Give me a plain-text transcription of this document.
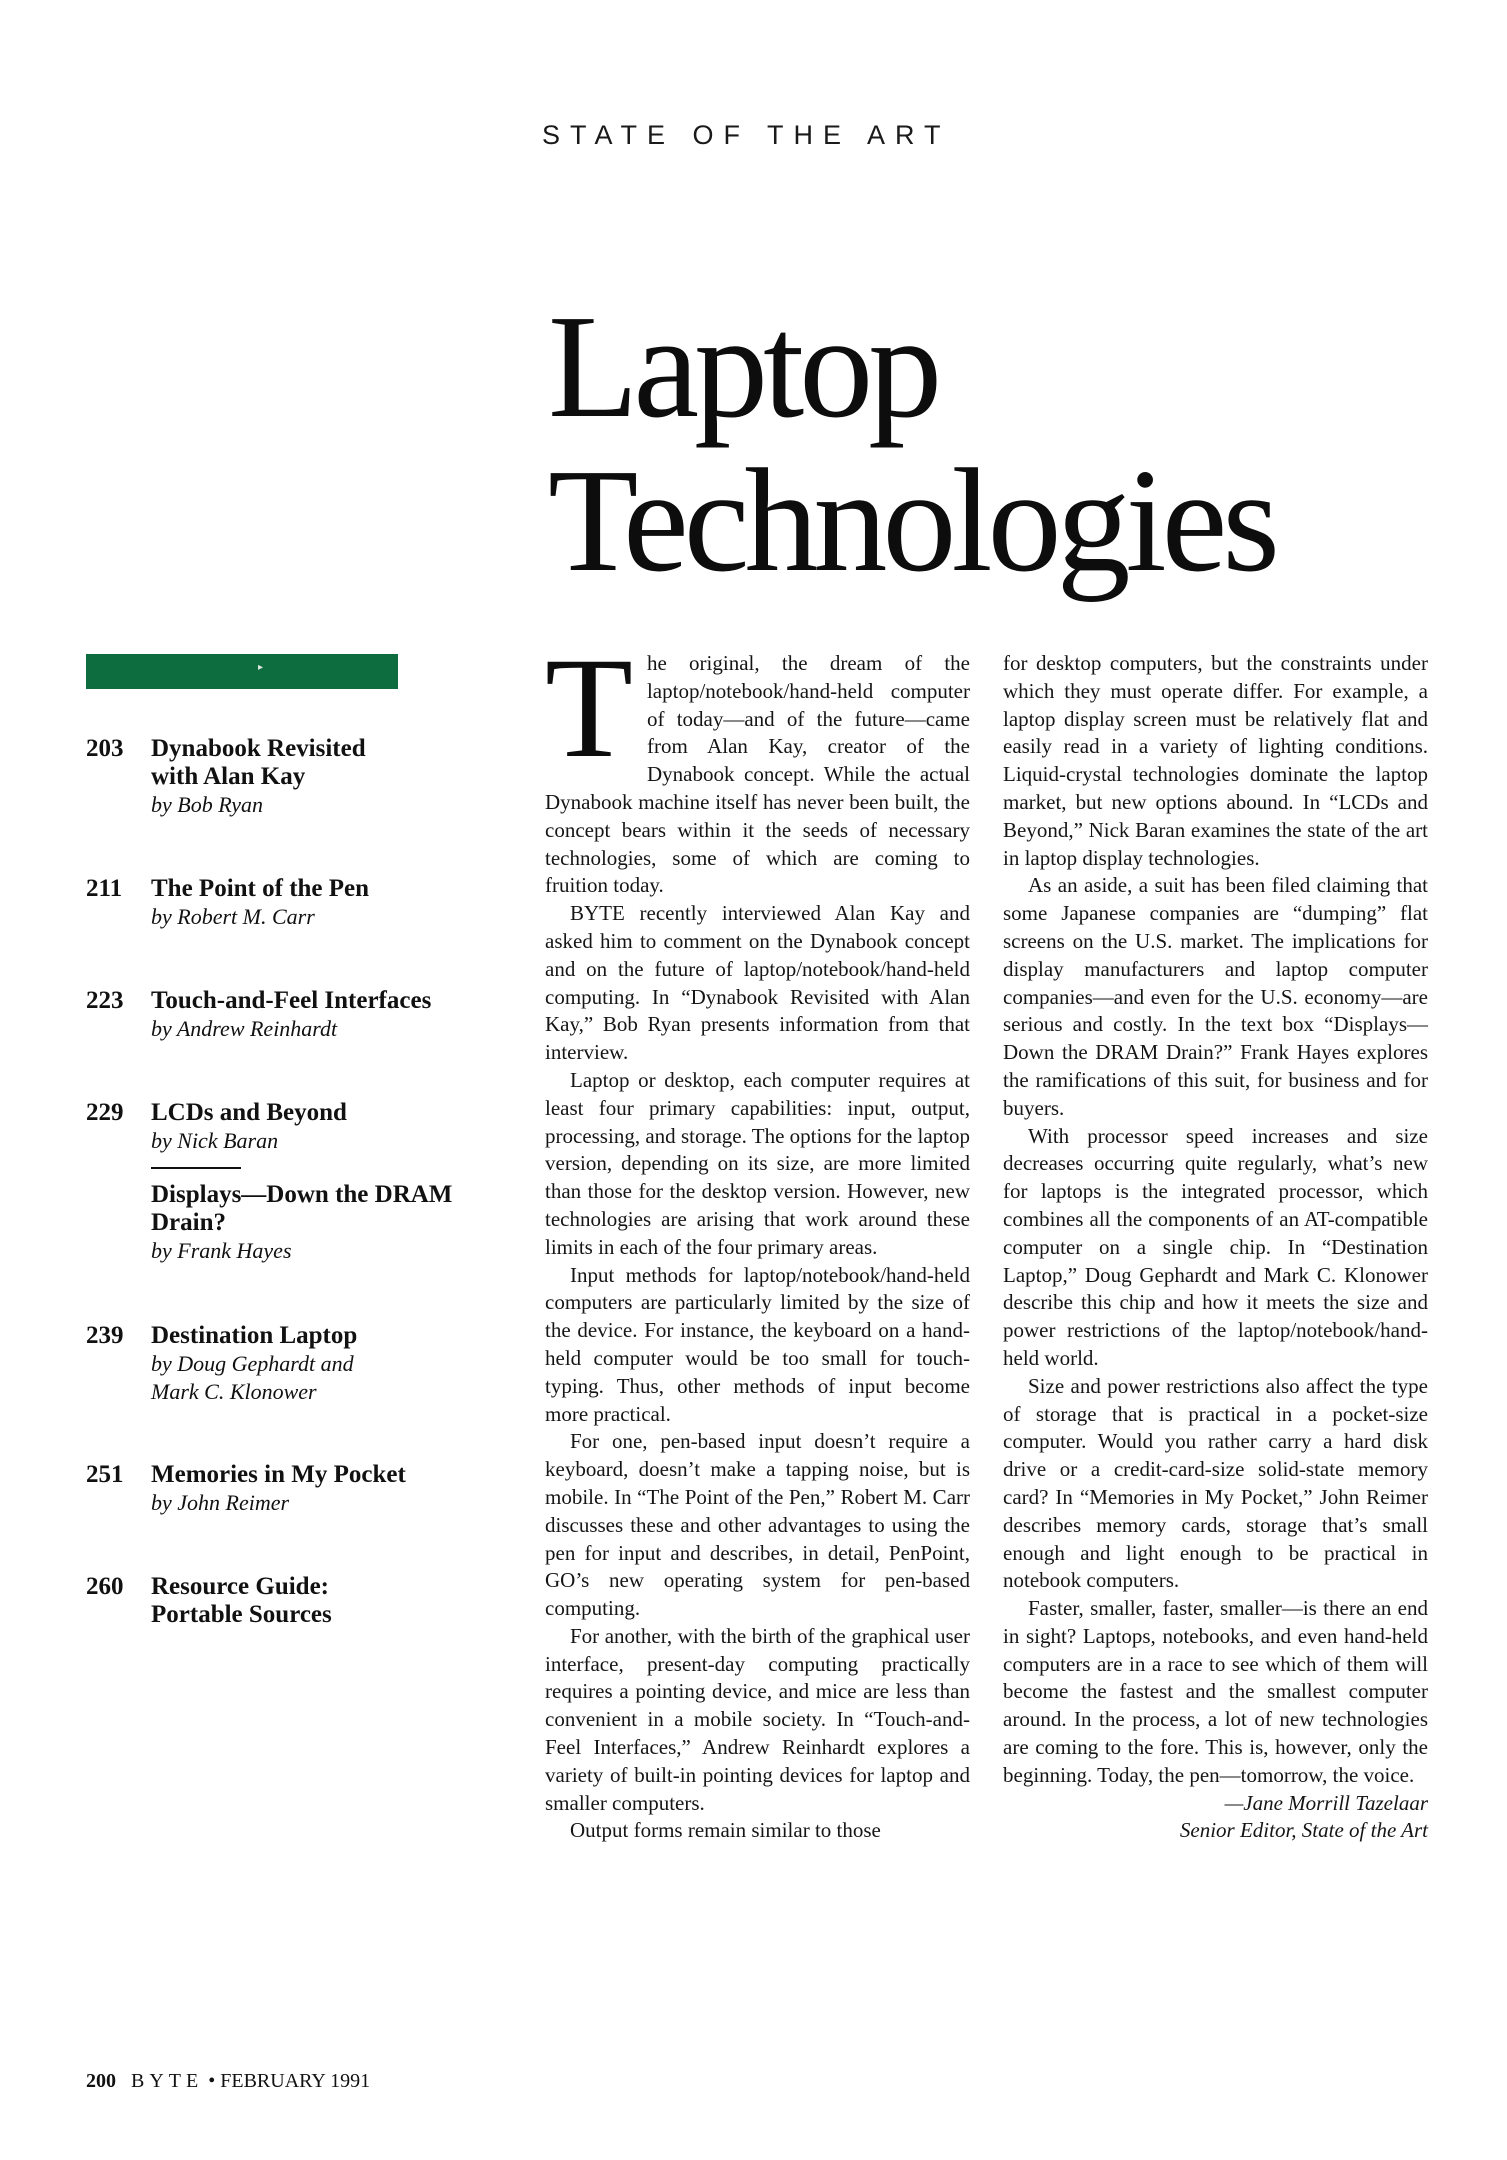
STATE OF THE ART
Laptop
Technologies
▸
203 Dynabook Revisited
with Alan Kay
by Bob Ryan
211 The Point of the Pen
by Robert M. Carr
223 Touch-and-Feel Interfaces
by Andrew Reinhardt
229 LCDs and Beyond
by Nick Baran
Displays—Down the DRAM
Drain?
by Frank Hayes
239 Destination Laptop
by Doug Gephardt and
Mark C. Klonower
251 Memories in My Pocket
by John Reimer
260 Resource Guide:
Portable Sources
T he original, the dream of the laptop/notebook/hand-held computer of today—and of the future—came from Alan Kay, creator of the Dynabook concept. While the actual Dynabook machine itself has never been built, the concept bears within it the seeds of necessary technologies, some of which are coming to fruition today.

BYTE recently interviewed Alan Kay and asked him to comment on the Dynabook concept and on the future of laptop/notebook/hand-held computing. In “Dynabook Revisited with Alan Kay,” Bob Ryan presents information from that interview.

Laptop or desktop, each computer requires at least four primary capabilities: input, output, processing, and storage. The options for the laptop version, depending on its size, are more limited than those for the desktop version. However, new technologies are arising that work around these limits in each of the four primary areas.

Input methods for laptop/notebook/hand-held computers are particularly limited by the size of the device. For instance, the keyboard on a hand-held computer would be too small for touch-typing. Thus, other methods of input become more practical.

For one, pen-based input doesn’t require a keyboard, doesn’t make a tapping noise, but is mobile. In “The Point of the Pen,” Robert M. Carr discusses these and other advantages to using the pen for input and describes, in detail, PenPoint, GO’s new operating system for pen-based computing.

For another, with the birth of the graphical user interface, present-day computing practically requires a pointing device, and mice are less than convenient in a mobile society. In “Touch-and-Feel Interfaces,” Andrew Reinhardt explores a variety of built-in pointing devices for laptop and smaller computers.

Output forms remain similar to those

for desktop computers, but the constraints under which they must operate differ. For example, a laptop display screen must be relatively flat and easily read in a variety of lighting conditions. Liquid-crystal technologies dominate the laptop market, but new options abound. In “LCDs and Beyond,” Nick Baran examines the state of the art in laptop display technologies.

As an aside, a suit has been filed claiming that some Japanese companies are “dumping” flat screens on the U.S. market. The implications for display manufacturers and laptop computer companies—and even for the U.S. economy—are serious and costly. In the text box “Displays—Down the DRAM Drain?” Frank Hayes explores the ramifications of this suit, for business and for buyers.

With processor speed increases and size decreases occurring quite regularly, what’s new for laptops is the integrated processor, which combines all the components of an AT-compatible computer on a single chip. In “Destination Laptop,” Doug Gephardt and Mark C. Klonower describe this chip and how it meets the size and power restrictions of the laptop/notebook/hand-held world.

Size and power restrictions also affect the type of storage that is practical in a pocket-size computer. Would you rather carry a hard disk drive or a credit-card-size solid-state memory card? In “Memories in My Pocket,” John Reimer describes memory cards, storage that’s small enough and light enough to be practical in notebook computers.

Faster, smaller, faster, smaller—is there an end in sight? Laptops, notebooks, and even hand-held computers are in a race to see which of them will become the fastest and the smallest computer around. In the process, a lot of new technologies are coming to the fore. This is, however, only the beginning. Today, the pen—tomorrow, the voice.

—Jane Morrill Tazelaar
Senior Editor, State of the Art
200 BYTE • FEBRUARY 1991
